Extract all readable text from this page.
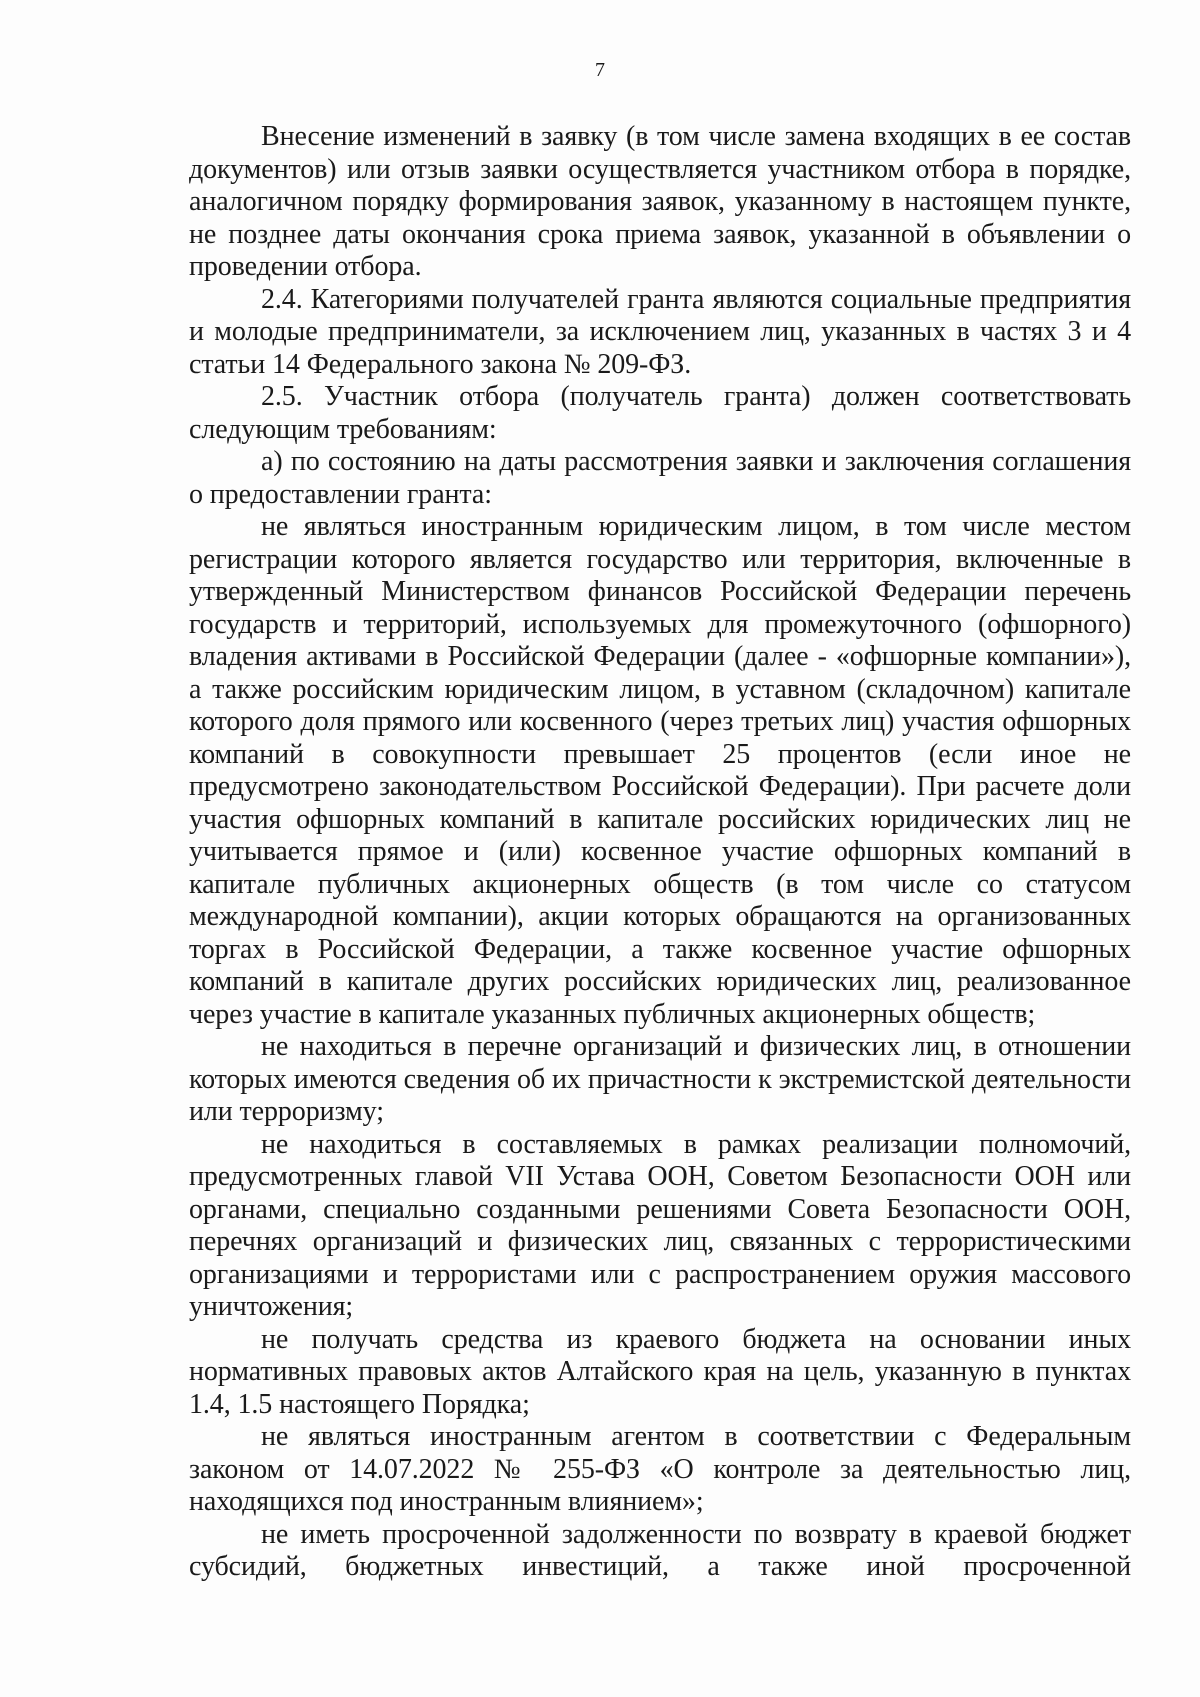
7

Внесение изменений в заявку (в том числе замена входящих в ее состав документов) или отзыв заявки осуществляется участником отбора в порядке, аналогичном порядку формирования заявок, указанному в настоящем пункте, не позднее даты окончания срока приема заявок, указанной в объявлении о проведении отбора.

2.4. Категориями получателей гранта являются социальные предприятия и молодые предприниматели, за исключением лиц, указанных в частях 3 и 4 статьи 14 Федерального закона № 209-ФЗ.

2.5. Участник отбора (получатель гранта) должен соответствовать следующим требованиям:

а) по состоянию на даты рассмотрения заявки и заключения соглашения о предоставлении гранта:

не являться иностранным юридическим лицом, в том числе местом регистрации которого является государство или территория, включенные в утвержденный Министерством финансов Российской Федерации перечень государств и территорий, используемых для промежуточного (офшорного) владения активами в Российской Федерации (далее - «офшорные компании»), а также российским юридическим лицом, в уставном (складочном) капитале которого доля прямого или косвенного (через третьих лиц) участия офшорных компаний в совокупности превышает 25 процентов (если иное не предусмотрено законодательством Российской Федерации). При расчете доли участия офшорных компаний в капитале российских юридических лиц не учитывается прямое и (или) косвенное участие офшорных компаний в капитале публичных акционерных обществ (в том числе со статусом международной компании), акции которых обращаются на организованных торгах в Российской Федерации, а также косвенное участие офшорных компаний в капитале других российских юридических лиц, реализованное через участие в капитале указанных публичных акционерных обществ;

не находиться в перечне организаций и физических лиц, в отношении которых имеются сведения об их причастности к экстремистской деятельности или терроризму;

не находиться в составляемых в рамках реализации полномочий, предусмотренных главой VII Устава ООН, Советом Безопасности ООН или органами, специально созданными решениями Совета Безопасности ООН, перечнях организаций и физических лиц, связанных с террористическими организациями и террористами или с распространением оружия массового уничтожения;

не получать средства из краевого бюджета на основании иных нормативных правовых актов Алтайского края на цель, указанную в пунктах 1.4, 1.5 настоящего Порядка;

не являться иностранным агентом в соответствии с Федеральным законом от 14.07.2022 № 255-ФЗ «О контроле за деятельностью лиц, находящихся под иностранным влиянием»;

не иметь просроченной задолженности по возврату в краевой бюджет субсидий, бюджетных инвестиций, а также иной просроченной
